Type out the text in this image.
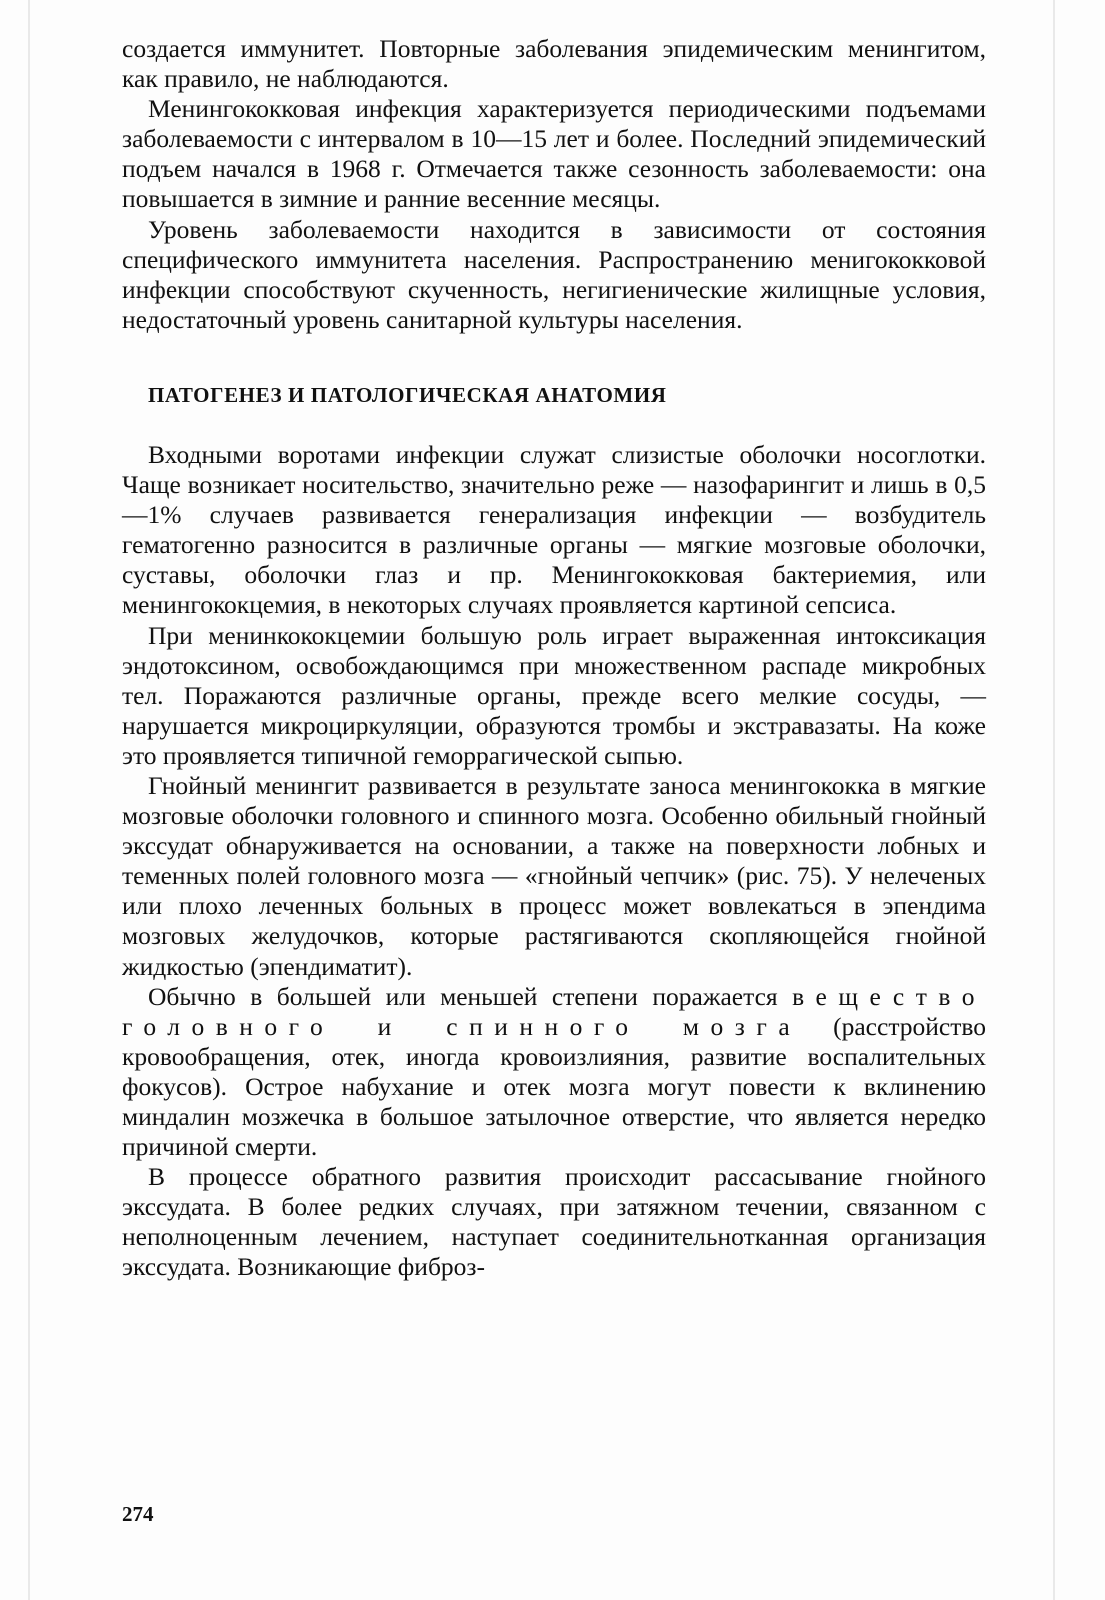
создается иммунитет. Повторные заболевания эпидемическим менингитом, как правило, не наблюдаются.

Менингококковая инфекция характеризуется периодическими подъемами заболеваемости с интервалом в 10—15 лет и более. Последний эпидемический подъем начался в 1968 г. Отмечается также сезонность заболеваемости: она повышается в зимние и ранние весенние месяцы.

Уровень заболеваемости находится в зависимости от состояния специфического иммунитета населения. Распространению менигококковой инфекции способствуют скученность, негигиенические жилищные условия, недостаточный уровень санитарной культуры населения.

ПАТОГЕНЕЗ И ПАТОЛОГИЧЕСКАЯ АНАТОМИЯ

Входными воротами инфекции служат слизистые оболочки носоглотки. Чаще возникает носительство, значительно реже — назофарингит и лишь в 0,5—1% случаев развивается генерализация инфекции — возбудитель гематогенно разносится в различные органы — мягкие мозговые оболочки, суставы, оболочки глаз и пр. Менингококковая бактериемия, или менингококцемия, в некоторых случаях проявляется картиной сепсиса.

При менинкококцемии большую роль играет выраженная интоксикация эндотоксином, освобождающимся при множественном распаде микробных тел. Поражаются различные органы, прежде всего мелкие сосуды, — нарушается микроциркуляции, образуются тромбы и экстравазаты. На коже это проявляется типичной геморрагической сыпью.

Гнойный менингит развивается в результате заноса менингококка в мягкие мозговые оболочки головного и спинного мозга. Особенно обильный гнойный экссудат обнаруживается на основании, а также на поверхности лобных и теменных полей головного мозга — «гнойный чепчик» (рис. 75). У нелеченых или плохо леченных больных в процесс может вовлекаться в эпендима мозговых желудочков, которые растягиваются скопляющейся гнойной жидкостью (эпендиматит).

Обычно в большей или меньшей степени поражается вещество головного и спинного мозга (расстройство кровообращения, отек, иногда кровоизлияния, развитие воспалительных фокусов). Острое набухание и отек мозга могут повести к вклинению миндалин мозжечка в большое затылочное отверстие, что является нередко причиной смерти.

В процессе обратного развития происходит рассасывание гнойного экссудата. В более редких случаях, при затяжном течении, связанном с неполноценным лечением, наступает соединительнотканная организация экссудата. Возникающие фиброз-

274
